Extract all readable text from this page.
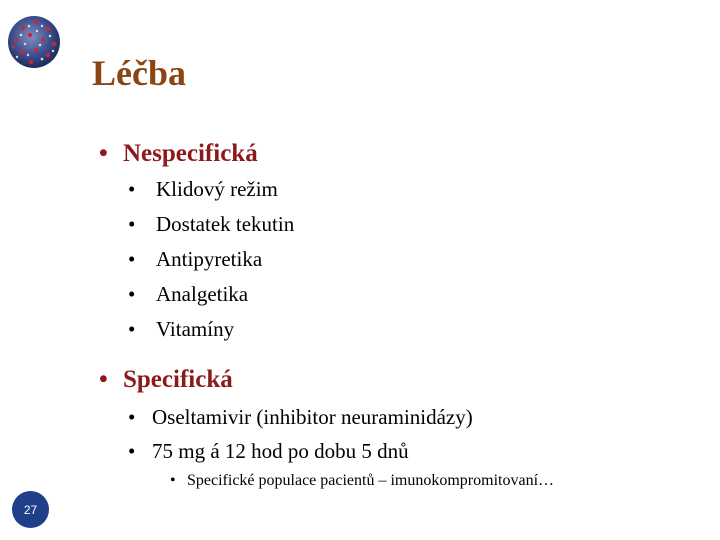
Léčba
• Nespecifická
• Klidový režim
• Dostatek tekutin
• Antipyretika
• Analgetika
• Vitamíny
• Specifická
• Oseltamivir (inhibitor neuraminidázy)
• 75 mg á 12 hod po dobu 5 dnů
• Specifické populace pacientů – imunokompromitovaní…
27
